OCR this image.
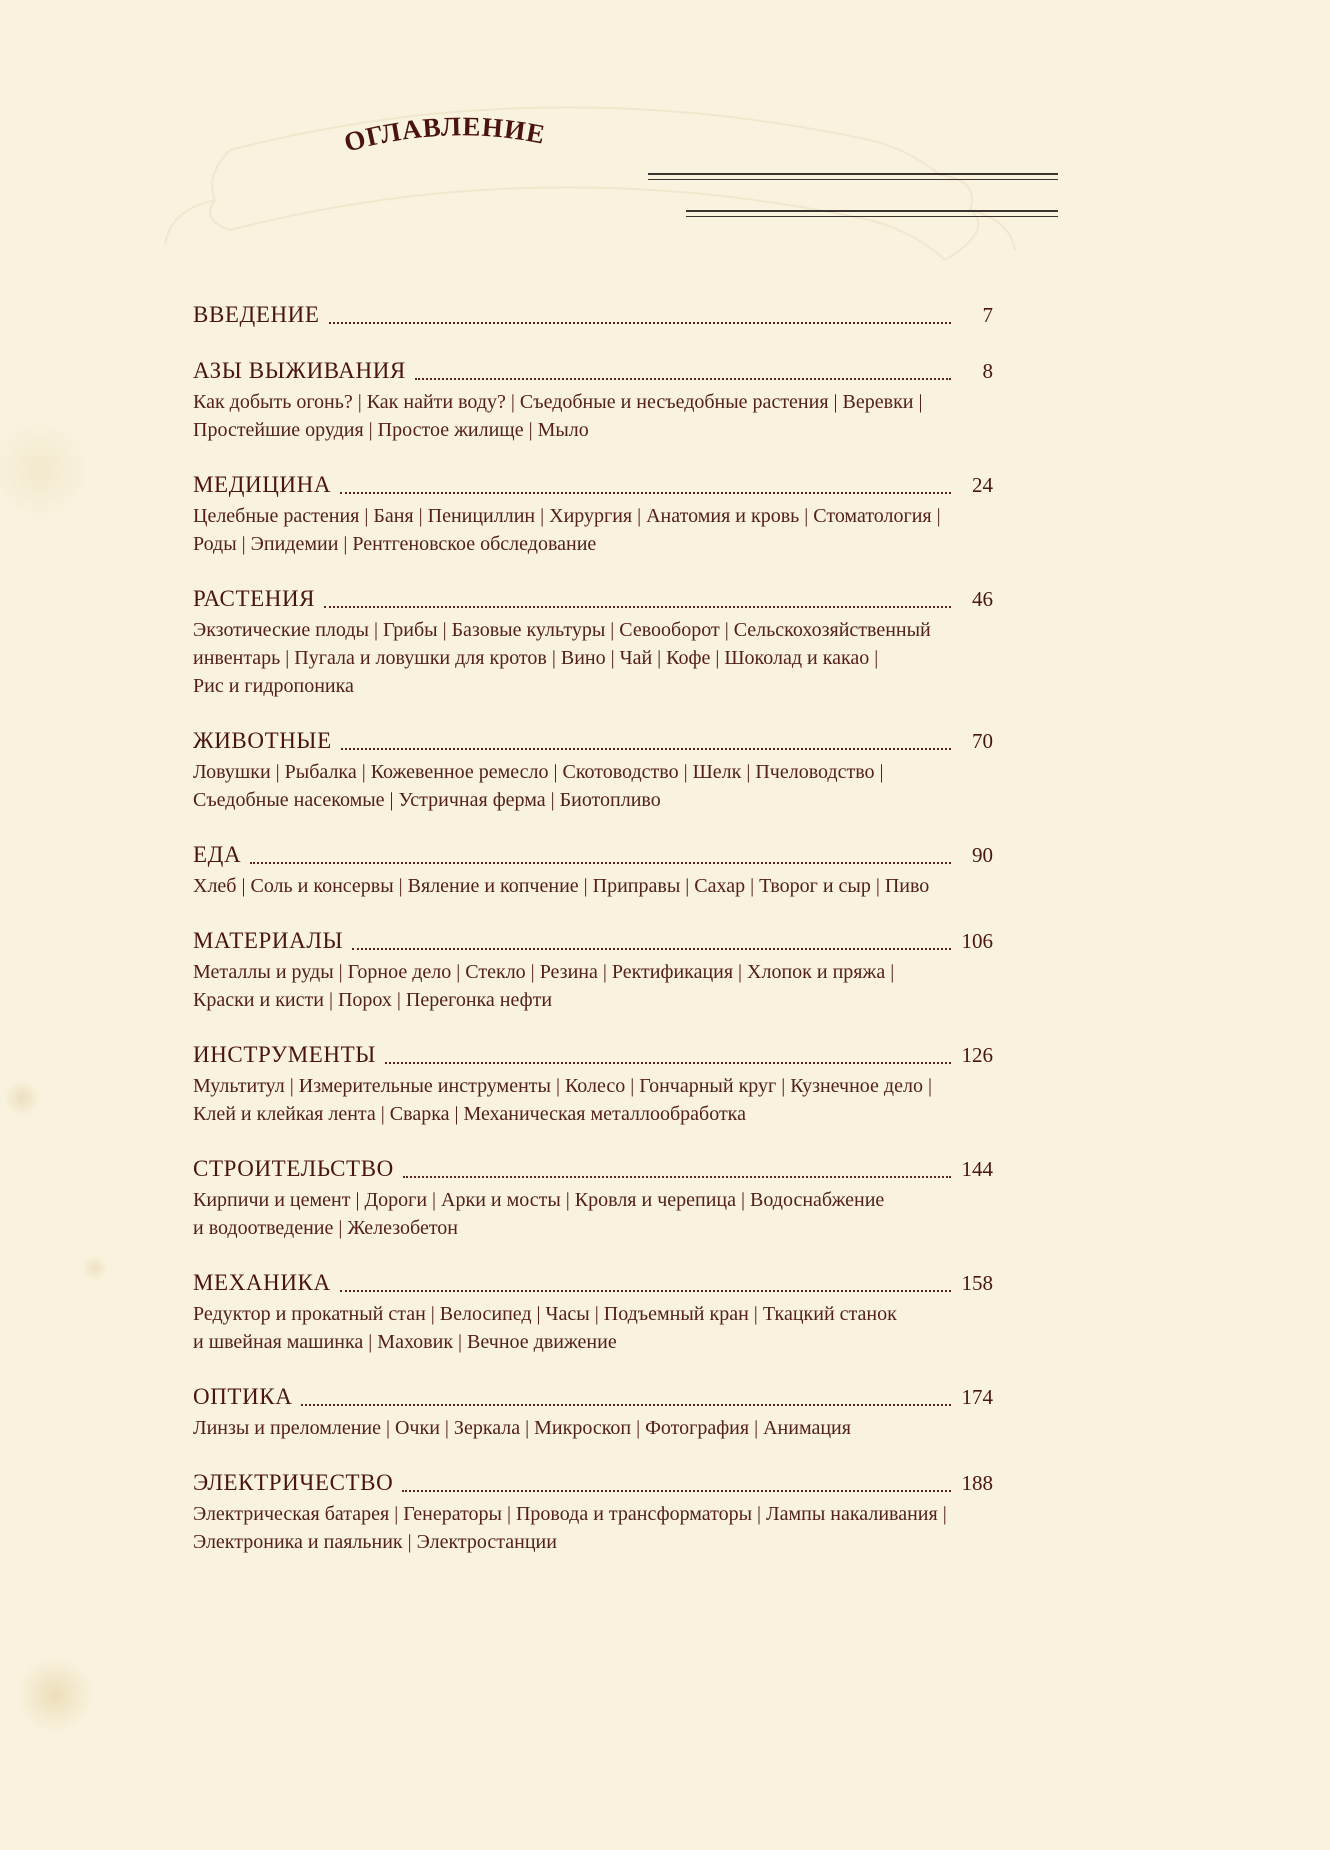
ОГЛАВЛЕНИЕ
ВВЕДЕНИЕ	7
АЗЫ ВЫЖИВАНИЯ	8
Как добыть огонь? | Как найти воду? | Съедобные и несъедобные растения | Веревки |
Простейшие орудия | Простое жилище | Мыло
МЕДИЦИНА	24
Целебные растения | Баня | Пенициллин | Хирургия | Анатомия и кровь | Стоматология |
Роды | Эпидемии | Рентгеновское обследование
РАСТЕНИЯ	46
Экзотические плоды | Грибы | Базовые культуры | Севооборот | Сельскохозяйственный
инвентарь | Пугала и ловушки для кротов | Вино | Чай | Кофе | Шоколад и какао |
Рис и гидропоника
ЖИВОТНЫЕ	70
Ловушки | Рыбалка | Кожевенное ремесло | Скотоводство | Шелк | Пчеловодство |
Съедобные насекомые | Устричная ферма | Биотопливо
ЕДА	90
Хлеб | Соль и консервы | Вяление и копчение | Приправы | Сахар | Творог и сыр | Пиво
МАТЕРИАЛЫ	106
Металлы и руды | Горное дело | Стекло | Резина | Ректификация | Хлопок и пряжа |
Краски и кисти | Порох | Перегонка нефти
ИНСТРУМЕНТЫ	126
Мультитул | Измерительные инструменты | Колесо | Гончарный круг | Кузнечное дело |
Клей и клейкая лента | Сварка | Механическая металлообработка
СТРОИТЕЛЬСТВО	144
Кирпичи и цемент | Дороги | Арки и мосты | Кровля и черепица | Водоснабжение
и водоотведение | Железобетон
МЕХАНИКА	158
Редуктор и прокатный стан | Велосипед | Часы | Подъемный кран | Ткацкий станок
и швейная машинка | Маховик | Вечное движение
ОПТИКА	174
Линзы и преломление | Очки | Зеркала | Микроскоп | Фотография | Анимация
ЭЛЕКТРИЧЕСТВО	188
Электрическая батарея | Генераторы | Провода и трансформаторы | Лампы накаливания |
Электроника и паяльник | Электростанции
